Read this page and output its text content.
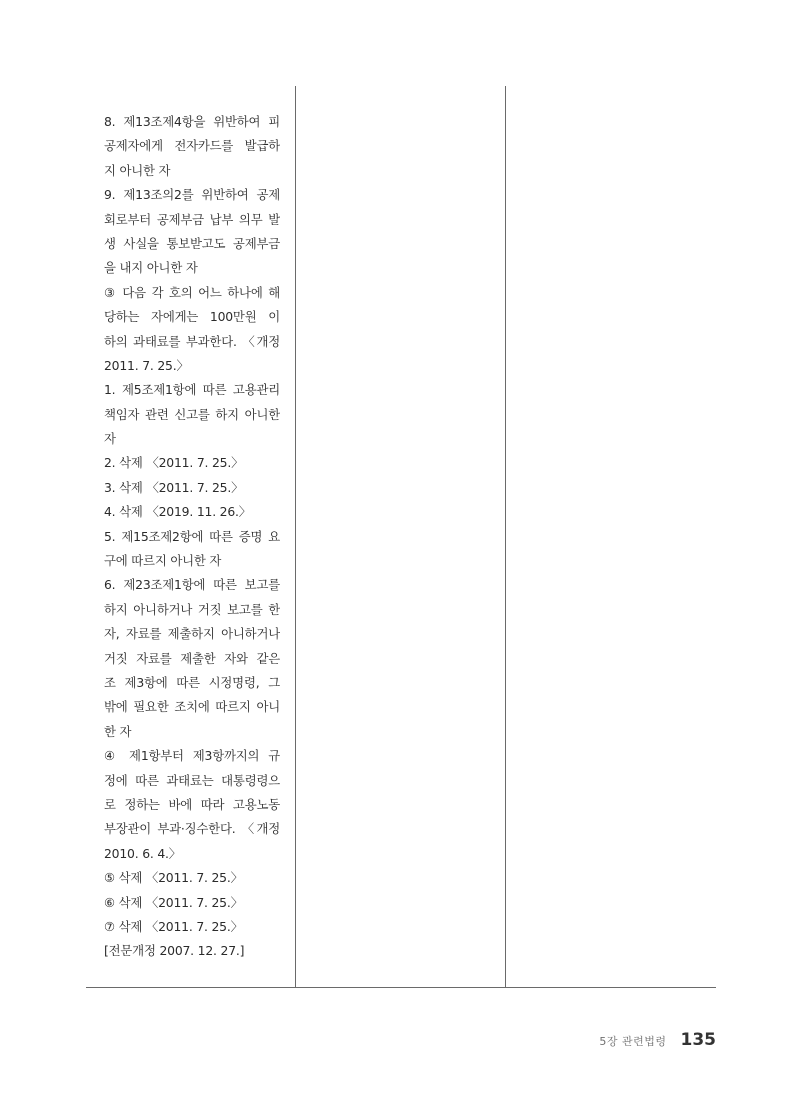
8. 제13조제4항을 위반하여 피
공제자에게 전자카드를 발급하
지 아니한 자
9. 제13조의2를 위반하여 공제
회로부터 공제부금 납부 의무 발
생 사실을 통보받고도 공제부금
을 내지 아니한 자
③ 다음 각 호의 어느 하나에 해
당하는 자에게는 100만원 이
하의 과태료를 부과한다. 〈개정
2011. 7. 25.〉
1. 제5조제1항에 따른 고용관리
책임자 관련 신고를 하지 아니한
자
2. 삭제 〈2011. 7. 25.〉
3. 삭제 〈2011. 7. 25.〉
4. 삭제 〈2019. 11. 26.〉
5. 제15조제2항에 따른 증명 요
구에 따르지 아니한 자
6. 제23조제1항에 따른 보고를
하지 아니하거나 거짓 보고를 한
자, 자료를 제출하지 아니하거나
거짓 자료를 제출한 자와 같은
조 제3항에 따른 시정명령, 그
밖에 필요한 조치에 따르지 아니
한 자
④ 제1항부터 제3항까지의 규
정에 따른 과태료는 대통령령으
로 정하는 바에 따라 고용노동
부장관이 부과·징수한다. 〈개정
2010. 6. 4.〉
⑤ 삭제 〈2011. 7. 25.〉
⑥ 삭제 〈2011. 7. 25.〉
⑦ 삭제 〈2011. 7. 25.〉
[전문개정 2007. 12. 27.]
5장 관련법령 135
